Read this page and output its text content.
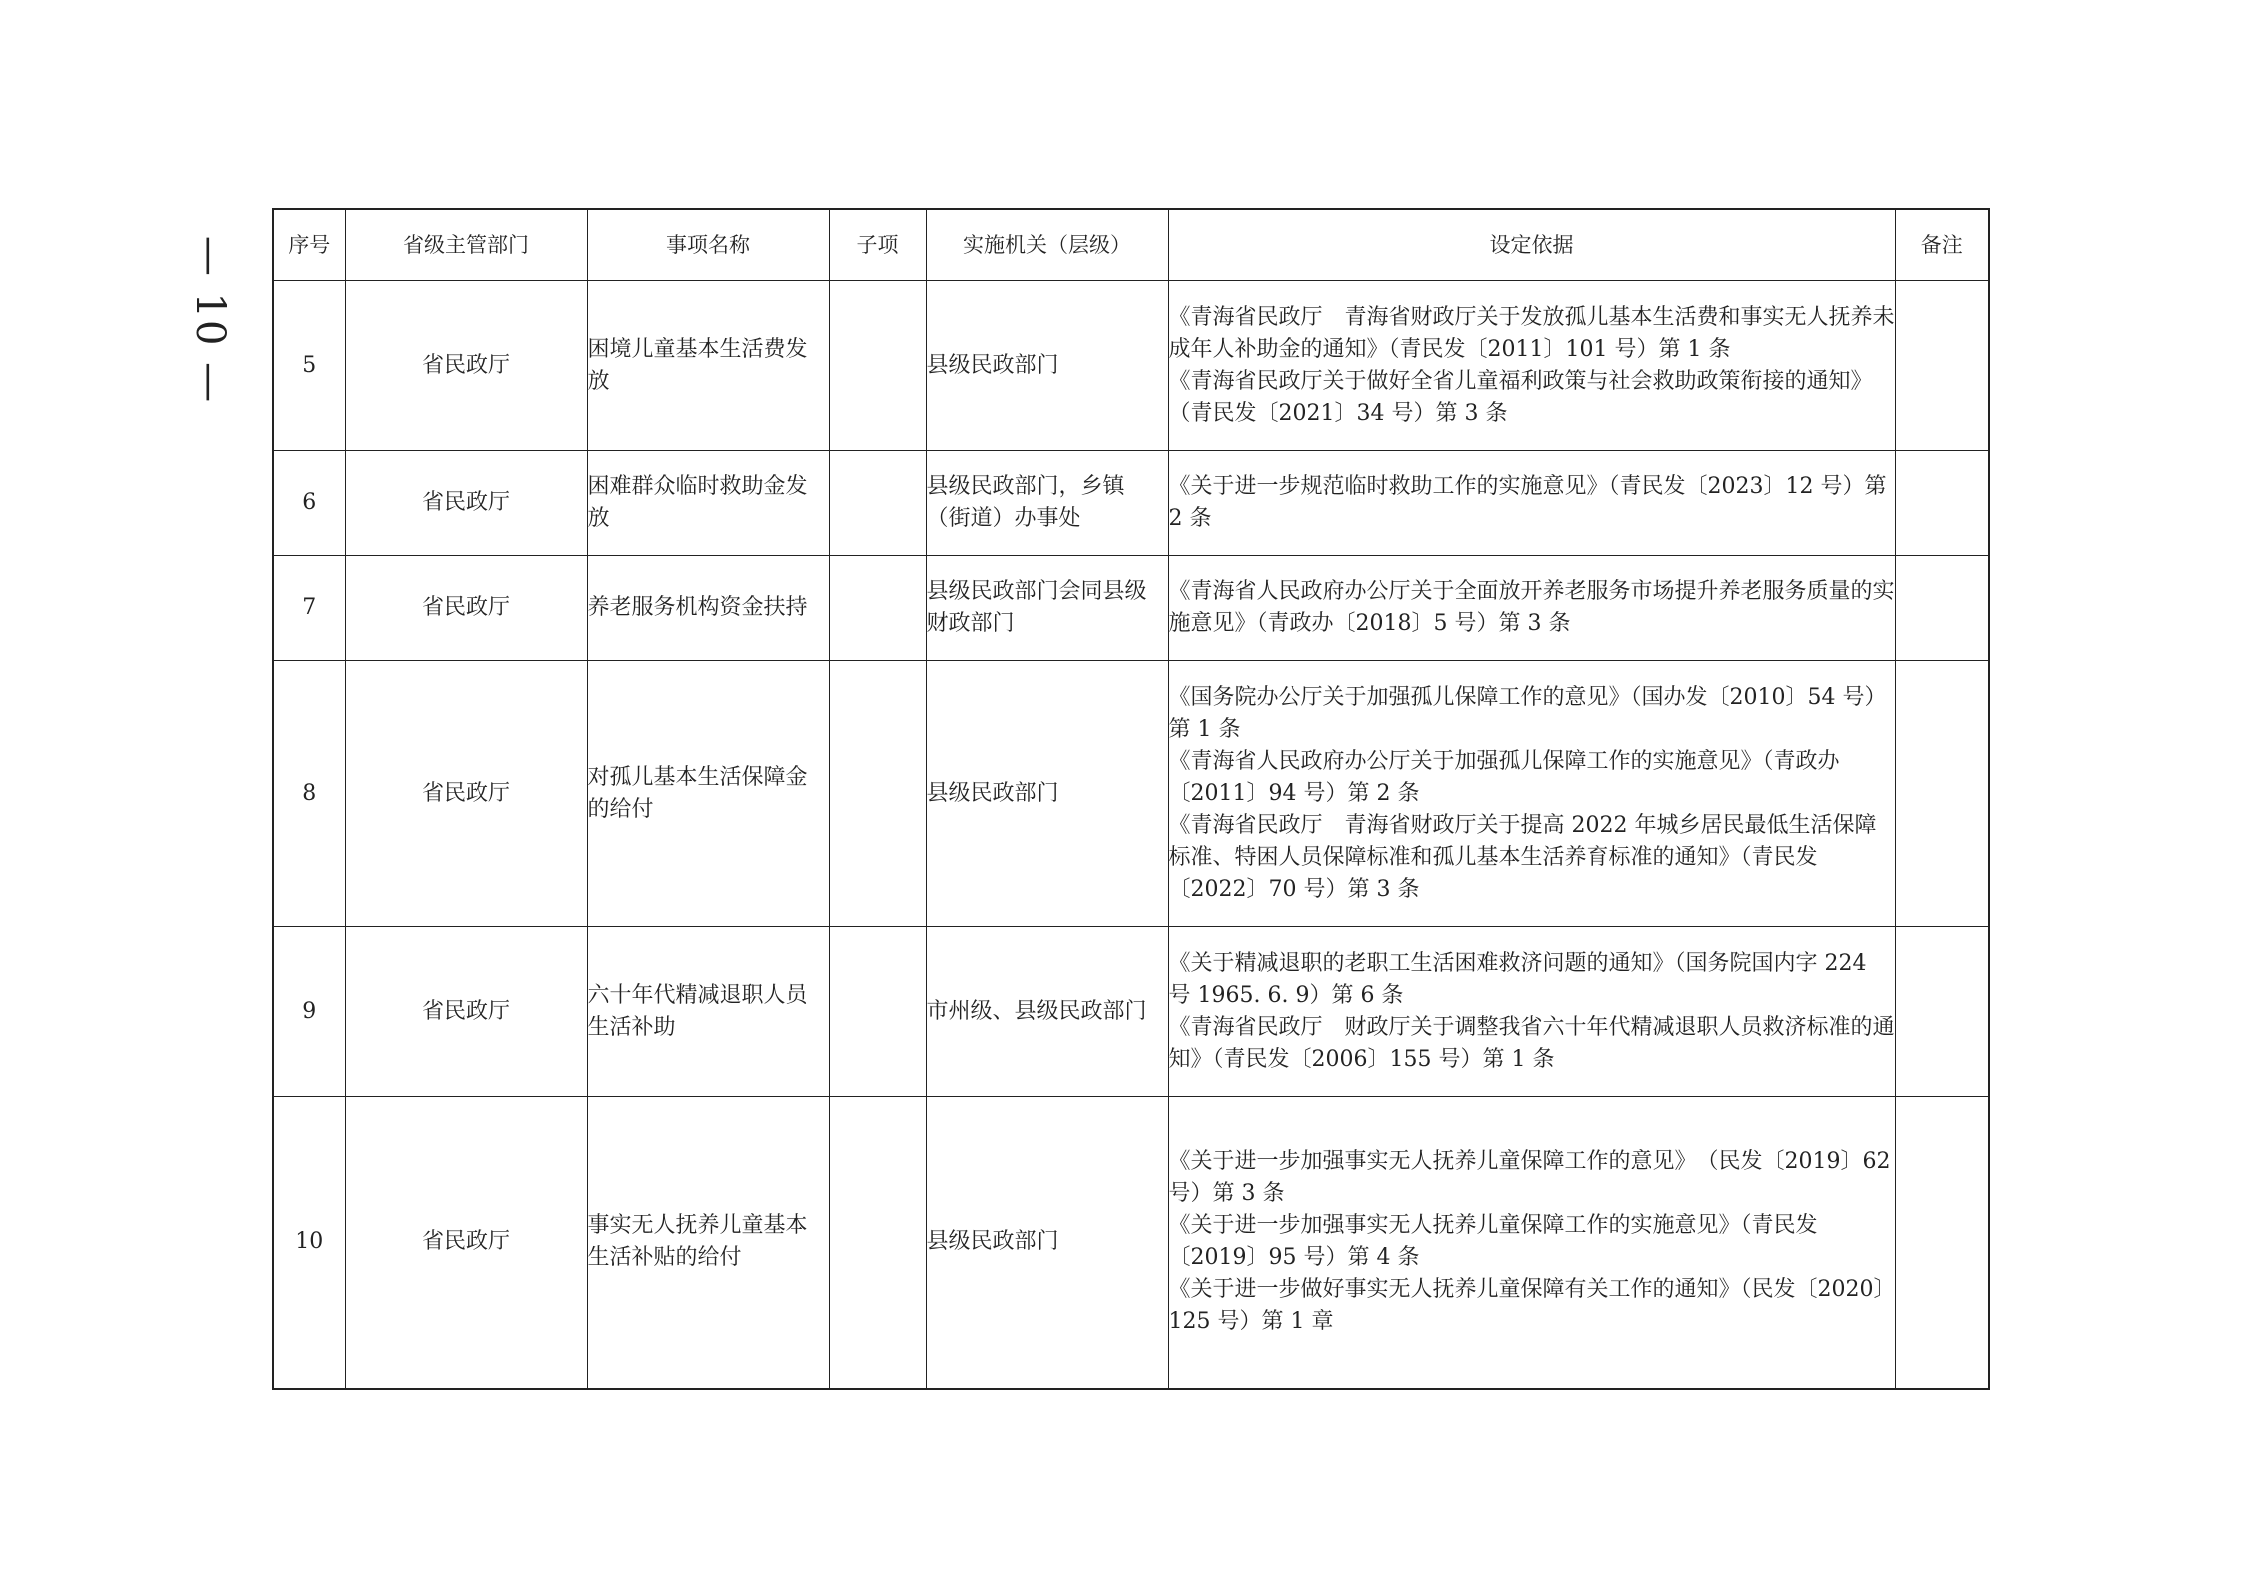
— 10 —	序号	省级主管部门	事项名称	子项	实施机关（层级）	设定依据	备注
5	省民政厅	困境儿童基本生活费发放		县级民政部门	《青海省民政厅　青海省财政厅关于发放孤儿基本生活费和事实无人抚养未成年人补助金的通知》（青民发〔2011〕101 号）第 1 条
《青海省民政厅关于做好全省儿童福利政策与社会救助政策衔接的通知》（青民发〔2021〕34 号）第 3 条	

6	省民政厅	困难群众临时救助金发放		县级民政部门，乡镇（街道）办事处	《关于进一步规范临时救助工作的实施意见》（青民发〔2023〕12 号）第 2 条	

7	省民政厅	养老服务机构资金扶持		县级民政部门会同县级财政部门	《青海省人民政府办公厅关于全面放开养老服务市场提升养老服务质量的实施意见》（青政办〔2018〕5 号）第 3 条	

8	省民政厅	对孤儿基本生活保障金的给付		县级民政部门	《国务院办公厅关于加强孤儿保障工作的意见》（国办发〔2010〕54 号）第 1 条
《青海省人民政府办公厅关于加强孤儿保障工作的实施意见》（青政办〔2011〕94 号）第 2 条
《青海省民政厅　青海省财政厅关于提高 2022 年城乡居民最低生活保障标准、特困人员保障标准和孤儿基本生活养育标准的通知》（青民发〔2022〕70 号）第 3 条	

9	省民政厅	六十年代精减退职人员生活补助		市州级、县级民政部门	《关于精减退职的老职工生活困难救济问题的通知》（国务院国内字 224 号 1965. 6. 9）第 6 条
《青海省民政厅　财政厅关于调整我省六十年代精减退职人员救济标准的通知》（青民发〔2006〕155 号）第 1 条	

10	省民政厅	事实无人抚养儿童基本生活补贴的给付		县级民政部门	《关于进一步加强事实无人抚养儿童保障工作的意见》　（民发〔2019〕62 号）第 3 条
《关于进一步加强事实无人抚养儿童保障工作的实施意见》（青民发〔2019〕95 号）第 4 条
《关于进一步做好事实无人抚养儿童保障有关工作的通知》（民发〔2020〕125 号）第 1 章	
